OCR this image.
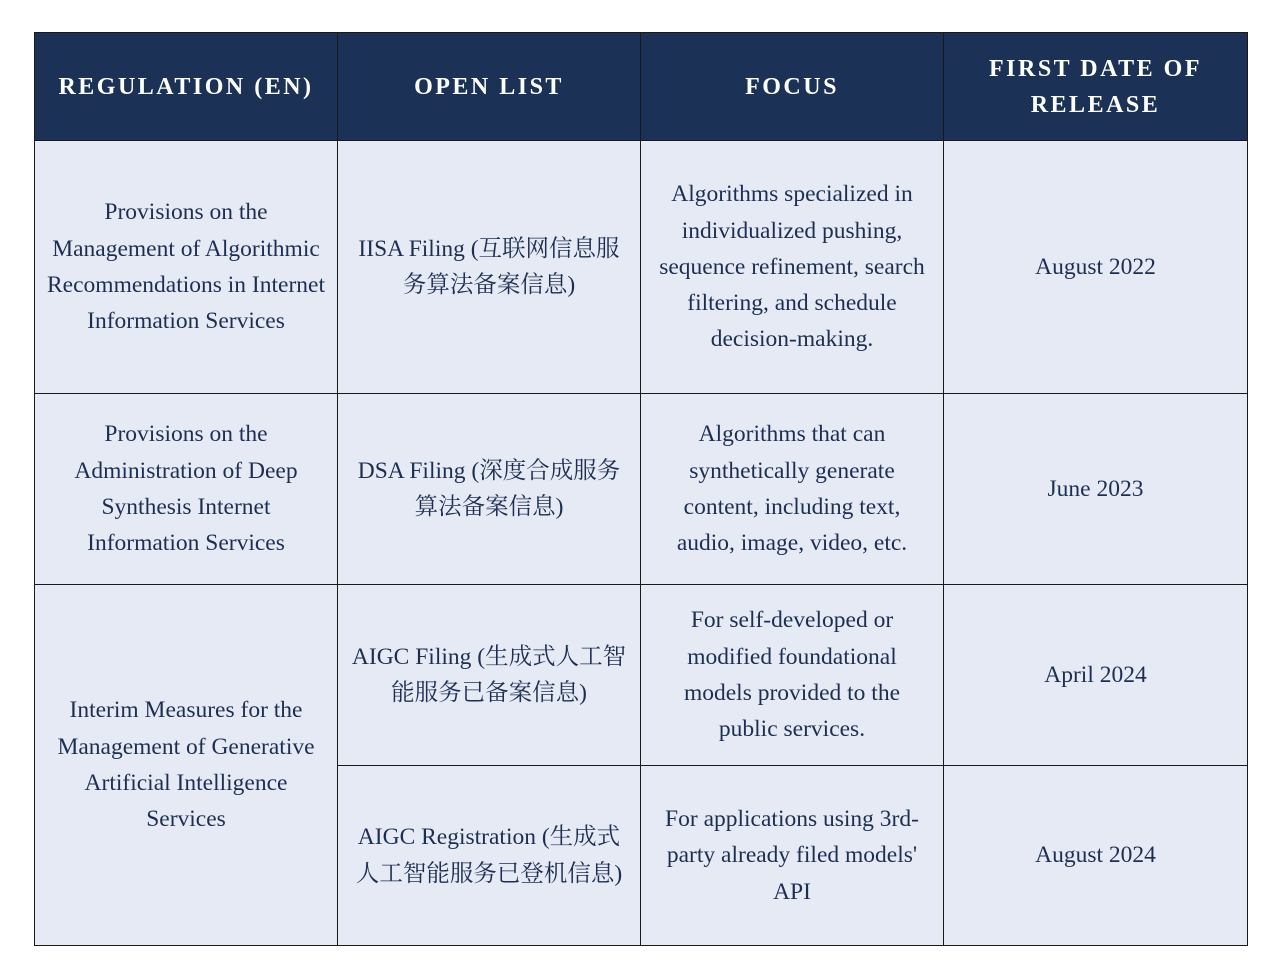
REGULATION (EN)	OPEN LIST	FOCUS	FIRST DATE OF RELEASE
Provisions on the Management of Algorithmic Recommendations in Internet Information Services	IISA Filing (互联网信息服务算法备案信息)	Algorithms specialized in individualized pushing, sequence refinement, search filtering, and schedule decision-making.	August 2022
Provisions on the Administration of Deep Synthesis Internet Information Services	DSA Filing (深度合成服务算法备案信息)	Algorithms that can synthetically generate content, including text, audio, image, video, etc.	June 2023
Interim Measures for the Management of Generative Artificial Intelligence Services	AIGC Filing (生成式人工智能服务已备案信息)	For self-developed or modified foundational models provided to the public services.	April 2024
	AIGC Registration (生成式人工智能服务已登机信息)	For applications using 3rd-party already filed models' API	August 2024
